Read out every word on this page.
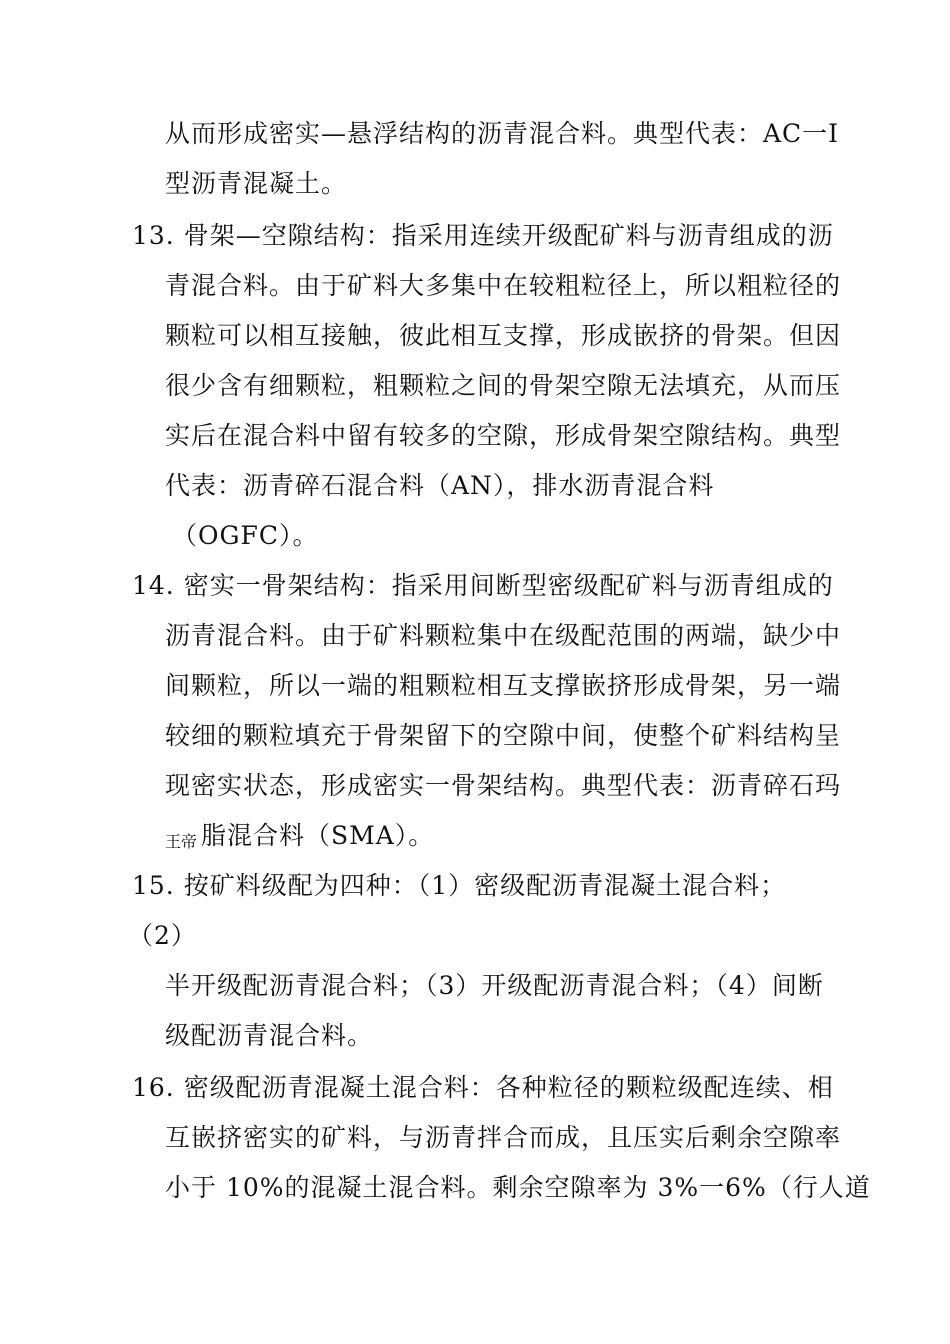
从而形成密实—悬浮结构的沥青混合料。典型代表：AC一I
型沥青混凝土。
13. 骨架—空隙结构：指采用连续开级配矿料与沥青组成的沥
青混合料。由于矿料大多集中在较粗粒径上，所以粗粒径的
颗粒可以相互接触，彼此相互支撑，形成嵌挤的骨架。但因
很少含有细颗粒，粗颗粒之间的骨架空隙无法填充，从而压
实后在混合料中留有较多的空隙，形成骨架空隙结构。典型
代表：沥青碎石混合料（AN），排水沥青混合料
（OGFC）。
14. 密实一骨架结构：指采用间断型密级配矿料与沥青组成的
沥青混合料。由于矿料颗粒集中在级配范围的两端，缺少中
间颗粒，所以一端的粗颗粒相互支撑嵌挤形成骨架，另一端
较细的颗粒填充于骨架留下的空隙中间，使整个矿料结构呈
现密实状态，形成密实一骨架结构。典型代表：沥青碎石玛
王帝 脂混合料（SMA）。
15. 按矿料级配为四种：（1）密级配沥青混凝土混合料；
（2）
半开级配沥青混合料；（3）开级配沥青混合料；（4）间断
级配沥青混合料。
16. 密级配沥青混凝土混合料：各种粒径的颗粒级配连续、相
互嵌挤密实的矿料，与沥青拌合而成，且压实后剩余空隙率
小于 10%的混凝土混合料。剩余空隙率为 3%一6%（行人道
